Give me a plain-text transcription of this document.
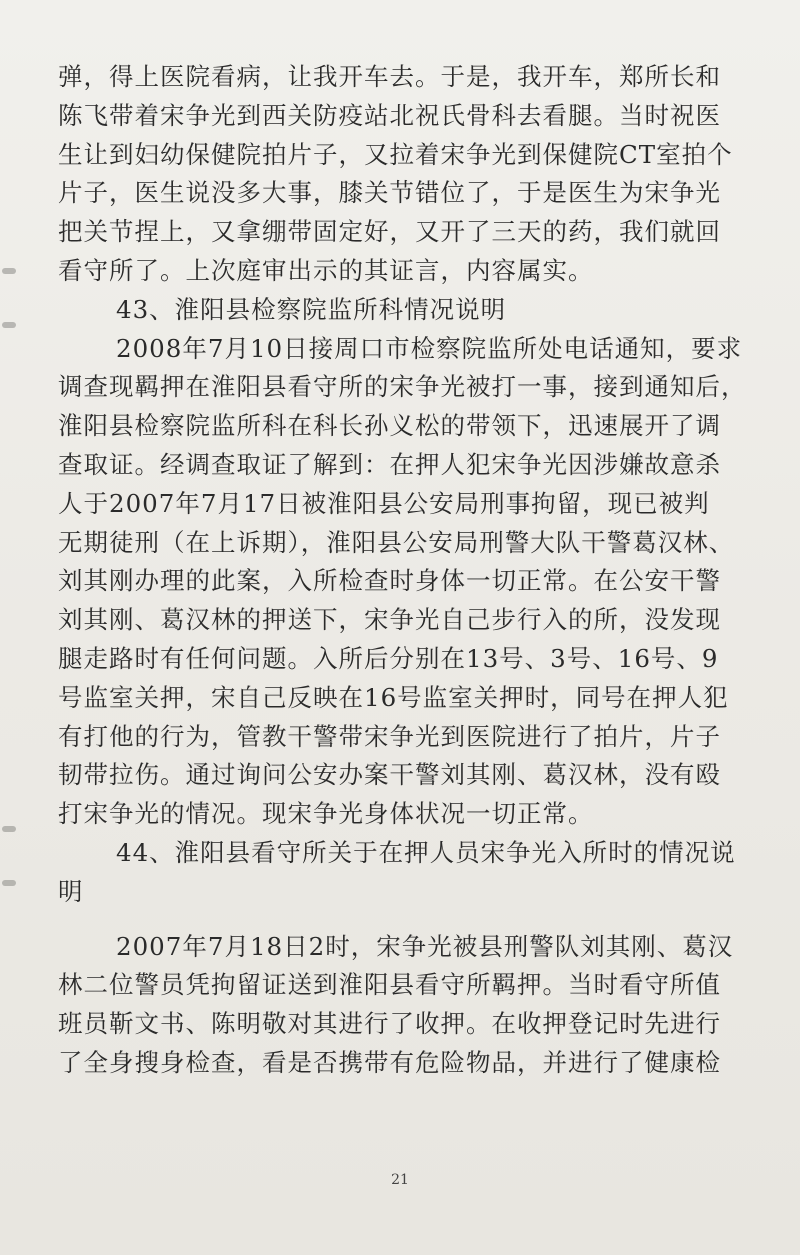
弹，得上医院看病，让我开车去。于是，我开车，郑所长和
陈飞带着宋争光到西关防疫站北祝氏骨科去看腿。当时祝医
生让到妇幼保健院拍片子，又拉着宋争光到保健院CT室拍个
片子，医生说没多大事，膝关节错位了，于是医生为宋争光
把关节捏上，又拿绷带固定好，又开了三天的药，我们就回
看守所了。上次庭审出示的其证言，内容属实。
43、淮阳县检察院监所科情况说明
2008年7月10日接周口市检察院监所处电话通知，要求
调查现羁押在淮阳县看守所的宋争光被打一事，接到通知后，
淮阳县检察院监所科在科长孙义松的带领下，迅速展开了调
查取证。经调查取证了解到：在押人犯宋争光因涉嫌故意杀
人于2007年7月17日被淮阳县公安局刑事拘留，现已被判
无期徒刑（在上诉期），淮阳县公安局刑警大队干警葛汉林、
刘其刚办理的此案，入所检查时身体一切正常。在公安干警
刘其刚、葛汉林的押送下，宋争光自己步行入的所，没发现
腿走路时有任何问题。入所后分别在13号、3号、16号、9
号监室关押，宋自己反映在16号监室关押时，同号在押人犯
有打他的行为，管教干警带宋争光到医院进行了拍片，片子
韧带拉伤。通过询问公安办案干警刘其刚、葛汉林，没有殴
打宋争光的情况。现宋争光身体状况一切正常。
44、淮阳县看守所关于在押人员宋争光入所时的情况说
明
2007年7月18日2时，宋争光被县刑警队刘其刚、葛汉
林二位警员凭拘留证送到淮阳县看守所羁押。当时看守所值
班员靳文书、陈明敬对其进行了收押。在收押登记时先进行
了全身搜身检查，看是否携带有危险物品，并进行了健康检
21
